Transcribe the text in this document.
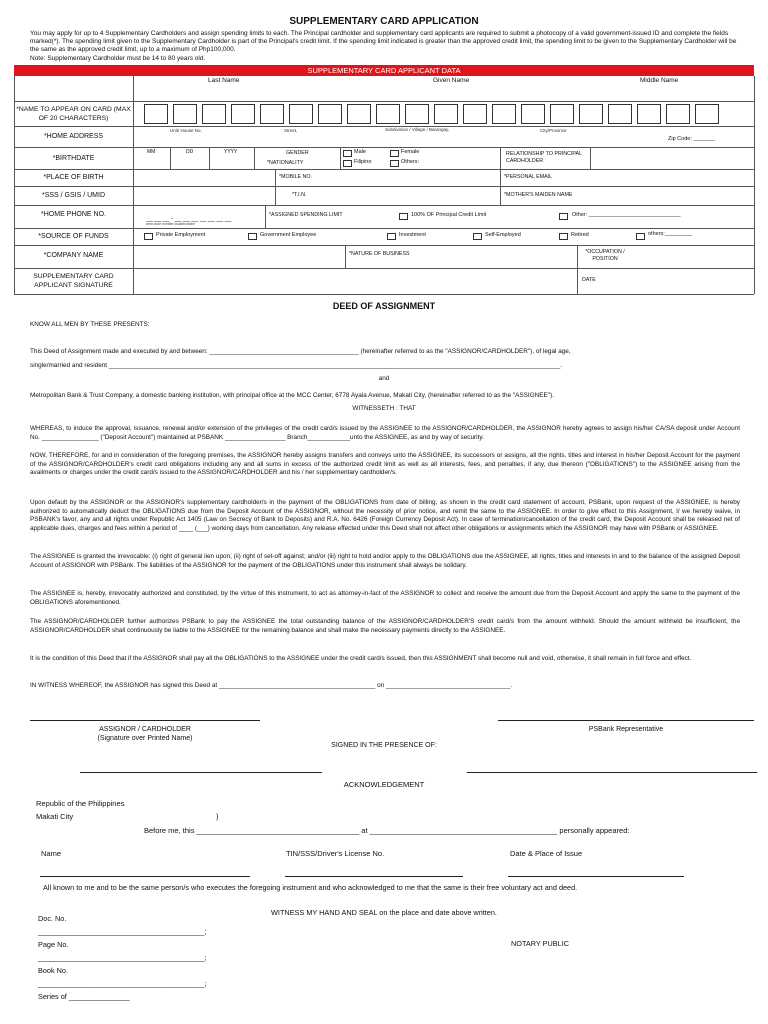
SUPPLEMENTARY CARD APPLICATION
You may apply for up to 4 Supplementary Cardholders and assign spending limits to each. The Principal cardholder and supplementary card applicants are required to submit a photocopy of a valid government-issued ID and complete the fields marked(*). The spending limit given to the Supplementary Cardholder is part of the Principal's credit limit. If the spending limit indicated is greater than the approved credit limit, the spending limit to be given to the Supplementary Cardholder will be the same as the approved credit limit, up to a maximum of Php100,000.
Note: Supplementary Cardholder must be 14 to 80 years old.
SUPPLEMENTARY CARD APPLICANT DATA
Last Name	Given Name	Middle Name
*NAME TO APPEAR ON CARD (MAX OF 20 CHARACTERS)
*HOME ADDRESS
Unit/ House No.	Street,	Subdivision / Village / Barangay,	City/Province
Zip Code: _______
*BIRTHDATE
MM	DD	YYYY	GENDER
*NATIONALITY
Male	Female
Filipino	Others:
RELATIONSHIP TO PRINCIPAL CARDHOLDER
*PLACE OF BIRTH	*MOBILE NO.	*PERSONAL EMAIL
*SSS / GSIS / UMID	*T.I.N.	*MOTHER'S MAIDEN NAME
*HOME PHONE NO.
__ __ __ - __ __ __ __ __ __ __
area code number local/trunkline
*ASSIGNED SPENDING LIMIT	100% OF Principal Credit Limit	Other: ______________________________
*SOURCE OF FUNDS	Private Employment	Government Employee	Investment	Self-Employed	Retired	others:_________
*COMPANY NAME	*NATURE OF BUSINESS	*OCCUPATION / POSITION
SUPPLEMENTARY CARD APPLICANT SIGNATURE
DATE
DEED OF ASSIGNMENT
KNOW ALL MEN BY THESE PRESENTS:
This Deed of Assignment made and executed by and between: __________________________________________ (hereinafter referred to as the "ASSIGNOR/CARDHOLDER"), of legal age,
single/married and resident _______________________________________________________________________________________________________________________________.
and
Metropolitan Bank & Trust Company, a domestic banking institution, with principal office at the MCC Center, 6778 Ayala Avenue, Makati City, (hereinafter referred to as the "ASSIGNEE").
WITNESSETH : THAT
WHEREAS, to induce the approval, issuance, renewal and/or extension of the privileges of the credit card/s issued by the ASSIGNEE to the ASSIGNOR/CARDHOLDER, the ASSIGNOR hereby agrees to assign his/her CA/SA deposit under Account No. ________________ ("Deposit Account") maintained at PSBANK _________________ Branch____________unto the ASSIGNEE, as and by way of security.
NOW, THEREFORE, for and in consideration of the foregoing premises, the ASSIGNOR hereby assigns transfers and conveys unto the ASSIGNEE, its successors or assigns, all the rights, titles and interest in his/her Deposit Account for the payment of the ASSIGNOR/CARDHOLDER's credit card obligations including any and all sums in excess of the authorized credit limit as well as all interests, fees, and penalties, if any, due thereon ("OBLIGATIONS") to the ASSIGNEE arising from the availments or charges under the credit card/s issued to the ASSIGNOR/CARDHOLDER and his / her supplementary cardholder/s.
Upon default by the ASSIGNOR or the ASSIGNOR's supplementary cardholder/s in the payment of the OBLIGATIONS from date of billing, as shown in the credit card statement of account, PSBank, upon request of the ASSIGNEE, is hereby authorized to automatically deduct the OBLIGATIONS due from the Deposit Account of the ASSIGNOR, without the necessity of prior notice, and remit the same to the ASSIGNEE. In order to give effect to this Assignment, I/ we hereby waive, in PSBANK's favor, any and all rights under Republic Act 1405 (Law on Secrecy of Bank to Deposits) and R.A. No. 6426 (Foreign Currency Deposit Act). In case of termination/cancellation of the credit card, the Deposit Account shall be released net of applicable dues, charges and fees within a period of ____ (___) working days from cancellation. Any release effected under this Deed shall not affect other obligations or assignments which the ASSIGNOR may have with PSBank or ASSIGNEE.
The ASSIGNEE is granted the irrevocable: (i) right of general lien upon; (ii) right of set-off against; and/or (iii) right to hold and/or apply to the OBLIGATIONS due the ASSIGNEE, all rights, titles and interests in and to the balance of the assigned Deposit Account of ASSIGNOR with PSBank. The liabilities of the ASSIGNOR for the payment of the OBLIGATIONS under this instrument shall always be solidary.
The ASSIGNEE is, hereby, irrevocably authorized and constituted, by the virtue of this instrument, to act as attorney-in-fact of the ASSIGNOR to collect and receive the amount due from the Deposit Account and apply the same to the payment of the OBLIGATIONS aforementioned.
The ASSIGNOR/CARDHOLDER further authorizes PSBank to pay the ASSIGNEE the total outstanding balance of the ASSIGNOR/CARDHOLDER'S credit card/s from the amount withheld. Should the amount withheld be insufficient, the ASSIGNOR/CARDHOLDER shall continuously be liable to the ASSIGNEE for the remaining balance and shall make the necessary payments directly to the ASSIGNEE.
It is the condition of this Deed that if the ASSIGNOR shall pay all the OBLIGATIONS to the ASSIGNEE under the credit card/s issued, then this ASSIGNMENT shall become null and void, otherwise, it shall remain in full force and effect.
IN WITNESS WHEREOF, the ASSIGNOR has signed this Deed at ____________________________________________ on ___________________________________.
ASSIGNOR / CARDHOLDER
(Signature over Printed Name)
PSBank Representative
SIGNED IN THE PRESENCE OF:
ACKNOWLEDGEMENT
Republic of the Philippines
Makati City	)
Before me, this _______________________________________ at _____________________________________________ personally appeared:
Name	TIN/SSS/Driver's License No.	Date & Place of Issue
All known to me and to be the same person/s who executes the foregoing instrument and who acknowledged to me that the same is their free voluntary act and deed.
WITNESS MY HAND AND SEAL on the place and date above written.
Doc. No.
_________________________________________;
Page No.
_________________________________________;
Book No.
_________________________________________;
Series of _______________
NOTARY PUBLIC
